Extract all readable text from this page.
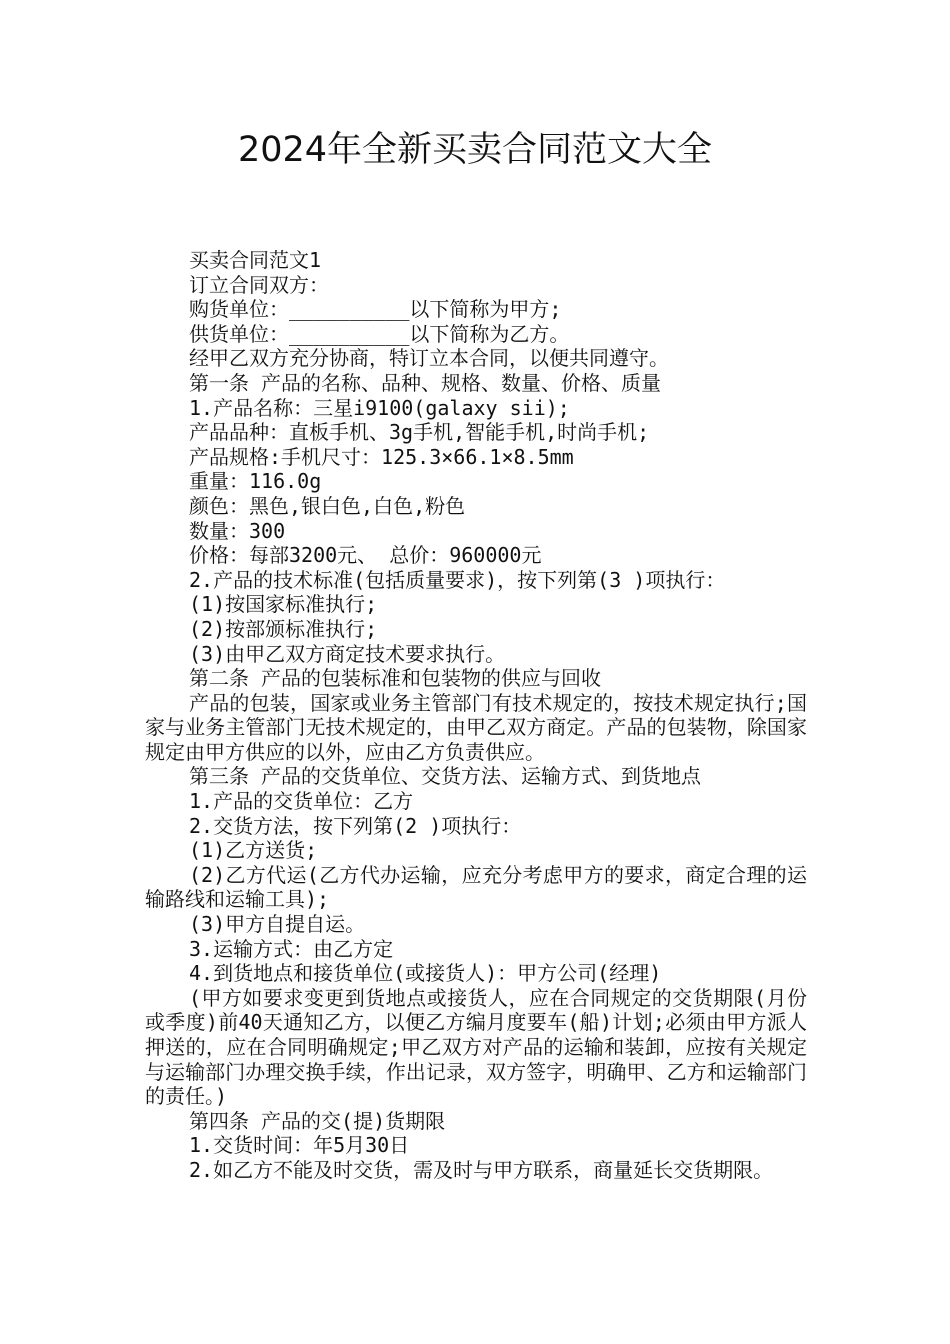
2024年全新买卖合同范文大全

买卖合同范文1

订立合同双方：

购货单位：__________以下简称为甲方;

供货单位：__________以下简称为乙方。

经甲乙双方充分协商，特订立本合同，以便共同遵守。

第一条 产品的名称、品种、规格、数量、价格、质量

1.产品名称：三星i9100(galaxy sii);

产品品种：直板手机、3g手机,智能手机,时尚手机;

产品规格:手机尺寸：125.3×66.1×8.5mm

重量：116.0g

颜色：黑色,银白色,白色,粉色

数量：300

价格：每部3200元、 总价：960000元

2.产品的技术标准(包括质量要求)，按下列第(3 )项执行：

(1)按国家标准执行;

(2)按部颁标准执行;

(3)由甲乙双方商定技术要求执行。

第二条 产品的包装标准和包装物的供应与回收

产品的包装，国家或业务主管部门有技术规定的，按技术规定执行;国家与业务主管部门无技术规定的，由甲乙双方商定。产品的包装物，除国家规定由甲方供应的以外，应由乙方负责供应。

第三条 产品的交货单位、交货方法、运输方式、到货地点

1.产品的交货单位：乙方

2.交货方法，按下列第(2 )项执行：

(1)乙方送货;

(2)乙方代运(乙方代办运输，应充分考虑甲方的要求，商定合理的运输路线和运输工具);

(3)甲方自提自运。

3.运输方式：由乙方定

4.到货地点和接货单位(或接货人)：甲方公司(经理)

(甲方如要求变更到货地点或接货人，应在合同规定的交货期限(月份或季度)前40天通知乙方，以便乙方编月度要车(船)计划;必须由甲方派人押送的，应在合同明确规定;甲乙双方对产品的运输和装卸，应按有关规定与运输部门办理交换手续，作出记录，双方签字，明确甲、乙方和运输部门的责任。)

第四条 产品的交(提)货期限

1.交货时间：年5月30日

2.如乙方不能及时交货，需及时与甲方联系，商量延长交货期限。
